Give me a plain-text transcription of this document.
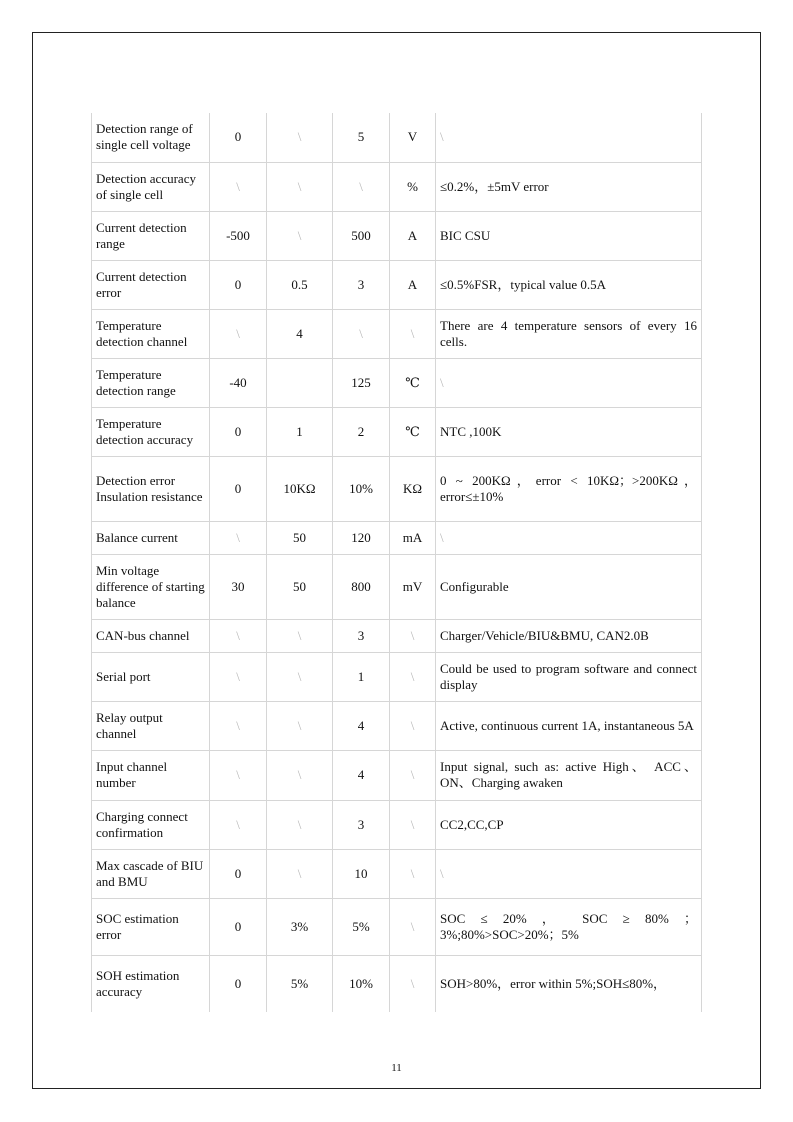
Detection range of single cell voltage	0	\	5	V	\
Detection accuracy of single cell	\	\	\	%	≤0.2%，±5mV error
Current detection range	-500	\	500	A	BIC CSU
Current detection error	0	0.5	3	A	≤0.5%FSR，typical value 0.5A
Temperature detection channel	\	4	\	\	There are 4 temperature sensors of every 16 cells.
Temperature detection range	-40		125	℃	\
Temperature detection accuracy	0	1	2	℃	NTC ,100K
Detection error Insulation resistance	0	10KΩ	10%	KΩ	0 ~ 200KΩ，error < 10KΩ；>200KΩ，error≤±10%
Balance current	\	50	120	mA	\
Min voltage difference of starting balance	30	50	800	mV	Configurable
CAN-bus channel	\	\	3	\	Charger/Vehicle/BIU&BMU, CAN2.0B
Serial port	\	\	1	\	Could be used to program software and connect display
Relay output channel	\	\	4	\	Active, continuous current 1A, instantaneous 5A
Input channel number	\	\	4	\	Input signal, such as: active High、 ACC、ON、Charging awaken
Charging connect confirmation	\	\	3	\	CC2,CC,CP
Max cascade of BIU and BMU	0	\	10	\	\
SOC estimation error	0	3%	5%	\	SOC ≤ 20% ， SOC ≥ 80% ；3%;80%>SOC>20%；5%
SOH estimation accuracy	0	5%	10%	\	SOH>80%，error within 5%;SOH≤80%，
11
